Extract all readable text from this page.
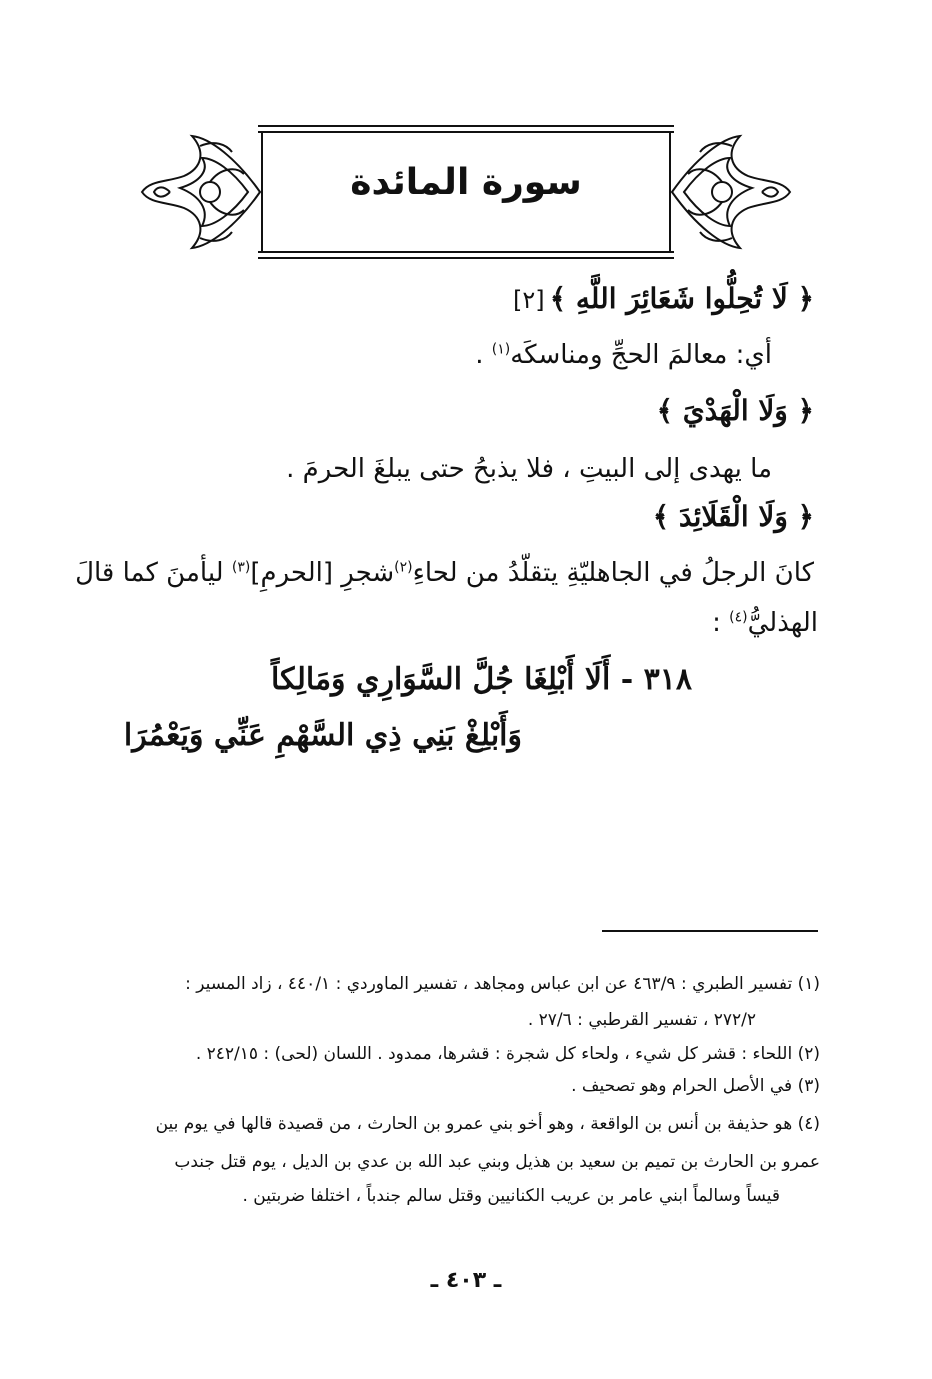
سورة المائدة
﴿ لَا تُحِلُّوا شَعَائِرَ اللَّهِ ﴾ [٢]
أي: معالمَ الحجِّ ومناسكَه$^{(١)}$ .
﴿ وَلَا الْهَدْيَ ﴾
ما يهدى إلى البيتِ ، فلا يذبحُ حتى يبلغَ الحرمَ .
﴿ وَلَا الْقَلَائِدَ ﴾
كانَ الرجلُ في الجاهليّةِ يتقلّدُ من لحاءِ$^{(٢)}$شجرِ [الحرمِ]$^{(٣)}$ ليأمنَ كما قالَ
الهذليُّ$^{(٤)}$ :
٣١٨ - أَلَا أَبْلِغَا جُلَّ السَّوَارِي وَمَالِكاً
وَأَبْلِغْ بَنِي ذِي السَّهْمِ عَنِّي وَيَعْمُرَا
(١) تفسير الطبري : ٤٦٣/٩ عن ابن عباس ومجاهد ، تفسير الماوردي : ٤٤٠/١ ، زاد المسير :
٢٧٢/٢ ، تفسير القرطبي : ٢٧/٦ .
(٢) اللحاء : قشر كل شيء ، ولحاء كل شجرة : قشرها، ممدود . اللسان (لحى) : ٢٤٢/١٥ .
(٣) في الأصل الحرام وهو تصحيف .
(٤) هو حذيفة بن أنس بن الواقعة ، وهو أخو بني عمرو بن الحارث ، من قصيدة قالها في يوم بين
عمرو بن الحارث بن تميم بن سعيد بن هذيل وبني عبد الله بن عدي بن الديل ، يوم قتل جندب
قيساً وسالماً ابني عامر بن عريب الكنانيين وقتل سالم جندباً ، اختلفا ضربتين .
ـ ٤٠٣ ـ
